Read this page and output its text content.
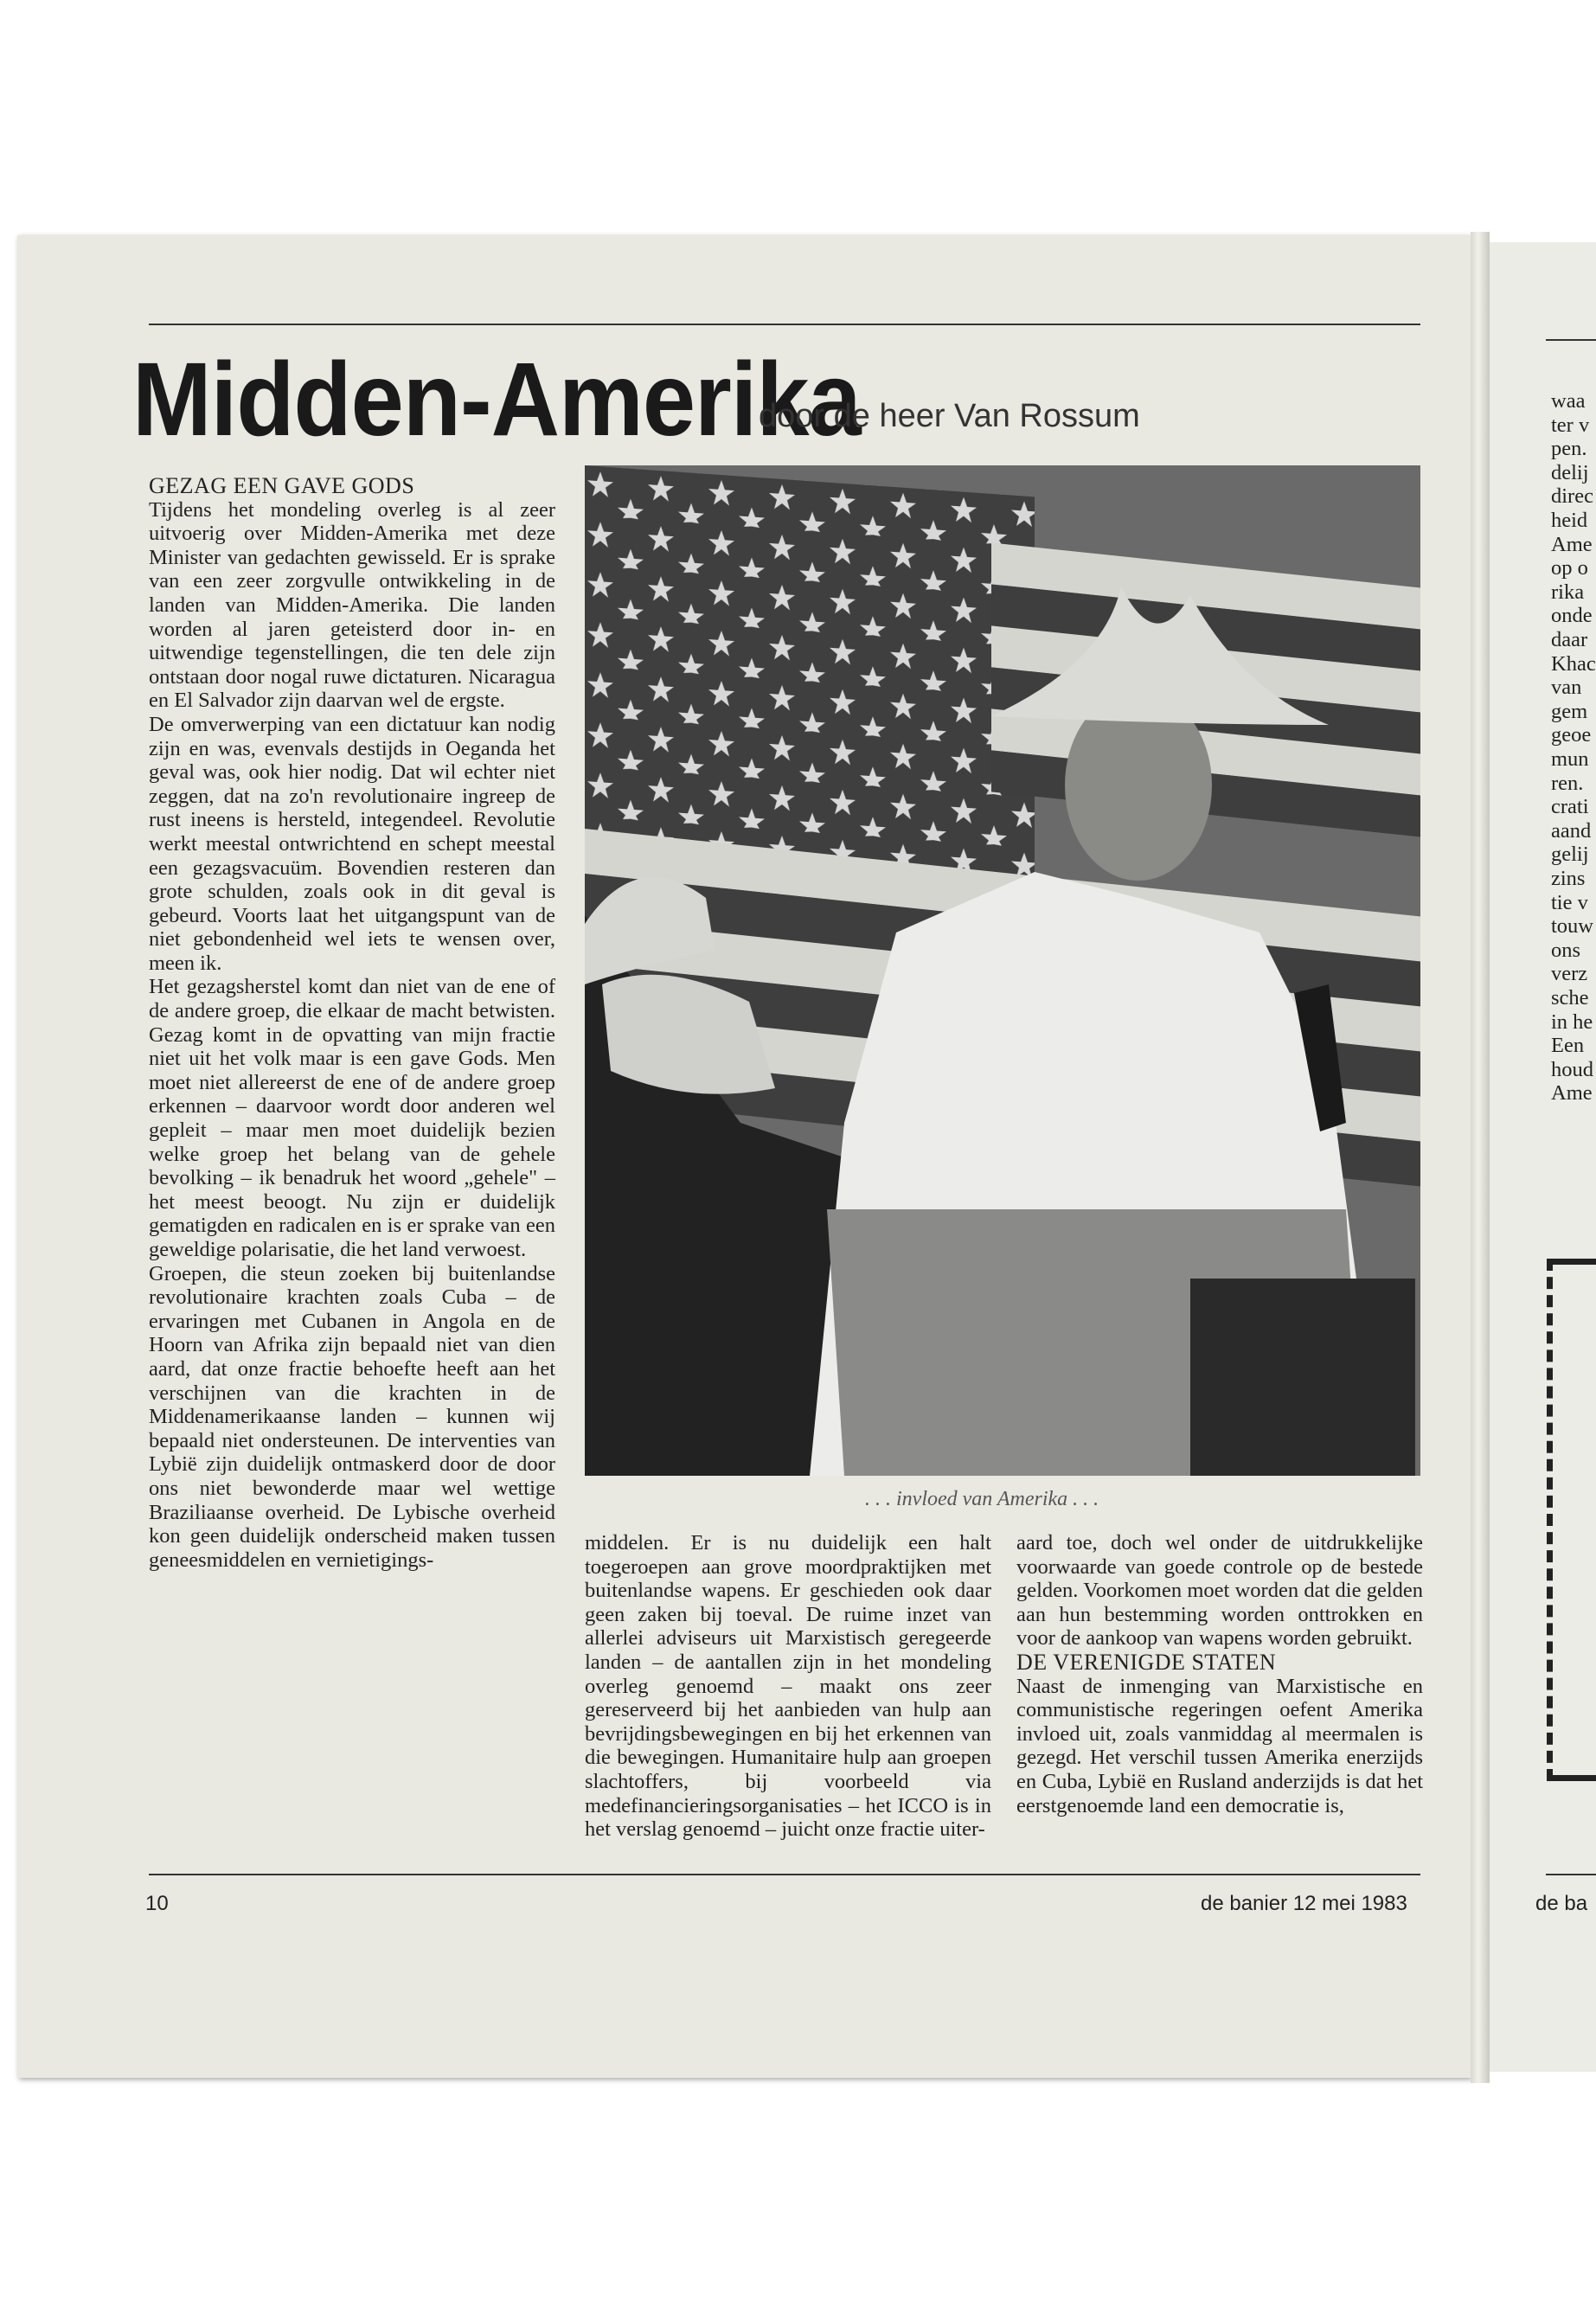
Midden-Amerika
door de heer Van Rossum
GEZAG EEN GAVE GODS

Tijdens het mondeling overleg is al zeer uitvoerig over Midden-Amerika met deze Minister van gedachten gewisseld. Er is sprake van een zeer zorgvulle ontwikkeling in de landen van Midden-Amerika. Die landen worden al jaren geteisterd door in- en uitwendige tegenstellingen, die ten dele zijn ontstaan door nogal ruwe dictaturen. Nicaragua en El Salvador zijn daarvan wel de ergste.

De omverwerping van een dictatuur kan nodig zijn en was, evenvals destijds in Oeganda het geval was, ook hier nodig. Dat wil echter niet zeggen, dat na zo'n revolutionaire ingreep de rust ineens is hersteld, integendeel. Revolutie werkt meestal ontwrichtend en schept meestal een gezagsvacuüm. Bovendien resteren dan grote schulden, zoals ook in dit geval is gebeurd. Voorts laat het uitgangspunt van de niet gebondenheid wel iets te wensen over, meen ik.

Het gezagsherstel komt dan niet van de ene of de andere groep, die elkaar de macht betwisten. Gezag komt in de opvatting van mijn fractie niet uit het volk maar is een gave Gods. Men moet niet allereerst de ene of de andere groep erkennen – daarvoor wordt door anderen wel gepleit – maar men moet duidelijk bezien welke groep het belang van de gehele bevolking – ik benadruk het woord „gehele" – het meest beoogt. Nu zijn er duidelijk gematigden en radicalen en is er sprake van een geweldige polarisatie, die het land verwoest.

Groepen, die steun zoeken bij buitenlandse revolutionaire krachten zoals Cuba – de ervaringen met Cubanen in Angola en de Hoorn van Afrika zijn bepaald niet van dien aard, dat onze fractie behoefte heeft aan het verschijnen van die krachten in de Middenamerikaanse landen – kunnen wij bepaald niet ondersteunen. De interventies van Lybië zijn duidelijk ontmaskerd door de door ons niet bewonderde maar wel wettige Braziliaanse overheid. De Lybische overheid kon geen duidelijk onderscheid maken tussen geneesmiddelen en vernietigings-

. . . invloed van Amerika . . .

middelen. Er is nu duidelijk een halt toegeroepen aan grove moordpraktijken met buitenlandse wapens. Er geschieden ook daar geen zaken bij toeval. De ruime inzet van allerlei adviseurs uit Marxistisch geregeerde landen – de aantallen zijn in het mondeling overleg genoemd – maakt ons zeer gereserveerd bij het aanbieden van hulp aan bevrijdingsbewegingen en bij het erkennen van die bewegingen. Humanitaire hulp aan groepen slachtoffers, bij voorbeeld via medefinancieringsorganisaties – het ICCO is in het verslag genoemd – juicht onze fractie uiter-

aard toe, doch wel onder de uitdrukkelijke voorwaarde van goede controle op de bestede gelden. Voorkomen moet worden dat die gelden aan hun bestemming worden onttrokken en voor de aankoop van wapens worden gebruikt.

DE VERENIGDE STATEN

Naast de inmenging van Marxistische en communistische regeringen oefent Amerika invloed uit, zoals vanmiddag al meermalen is gezegd. Het verschil tussen Amerika enerzijds en Cuba, Lybië en Rusland anderzijds is dat het eerstgenoemde land een democratie is,

10	de banier 12 mei 1983	de ba
waa
ter v
pen.
delij
direc
heid
Ame
op o
rika
onde
daar
Khac
van
gem
geoe
mun
ren.
crati
aand
gelij
zins
tie v
touw
ons
verz
sche
in he
Een
houd
Ame
